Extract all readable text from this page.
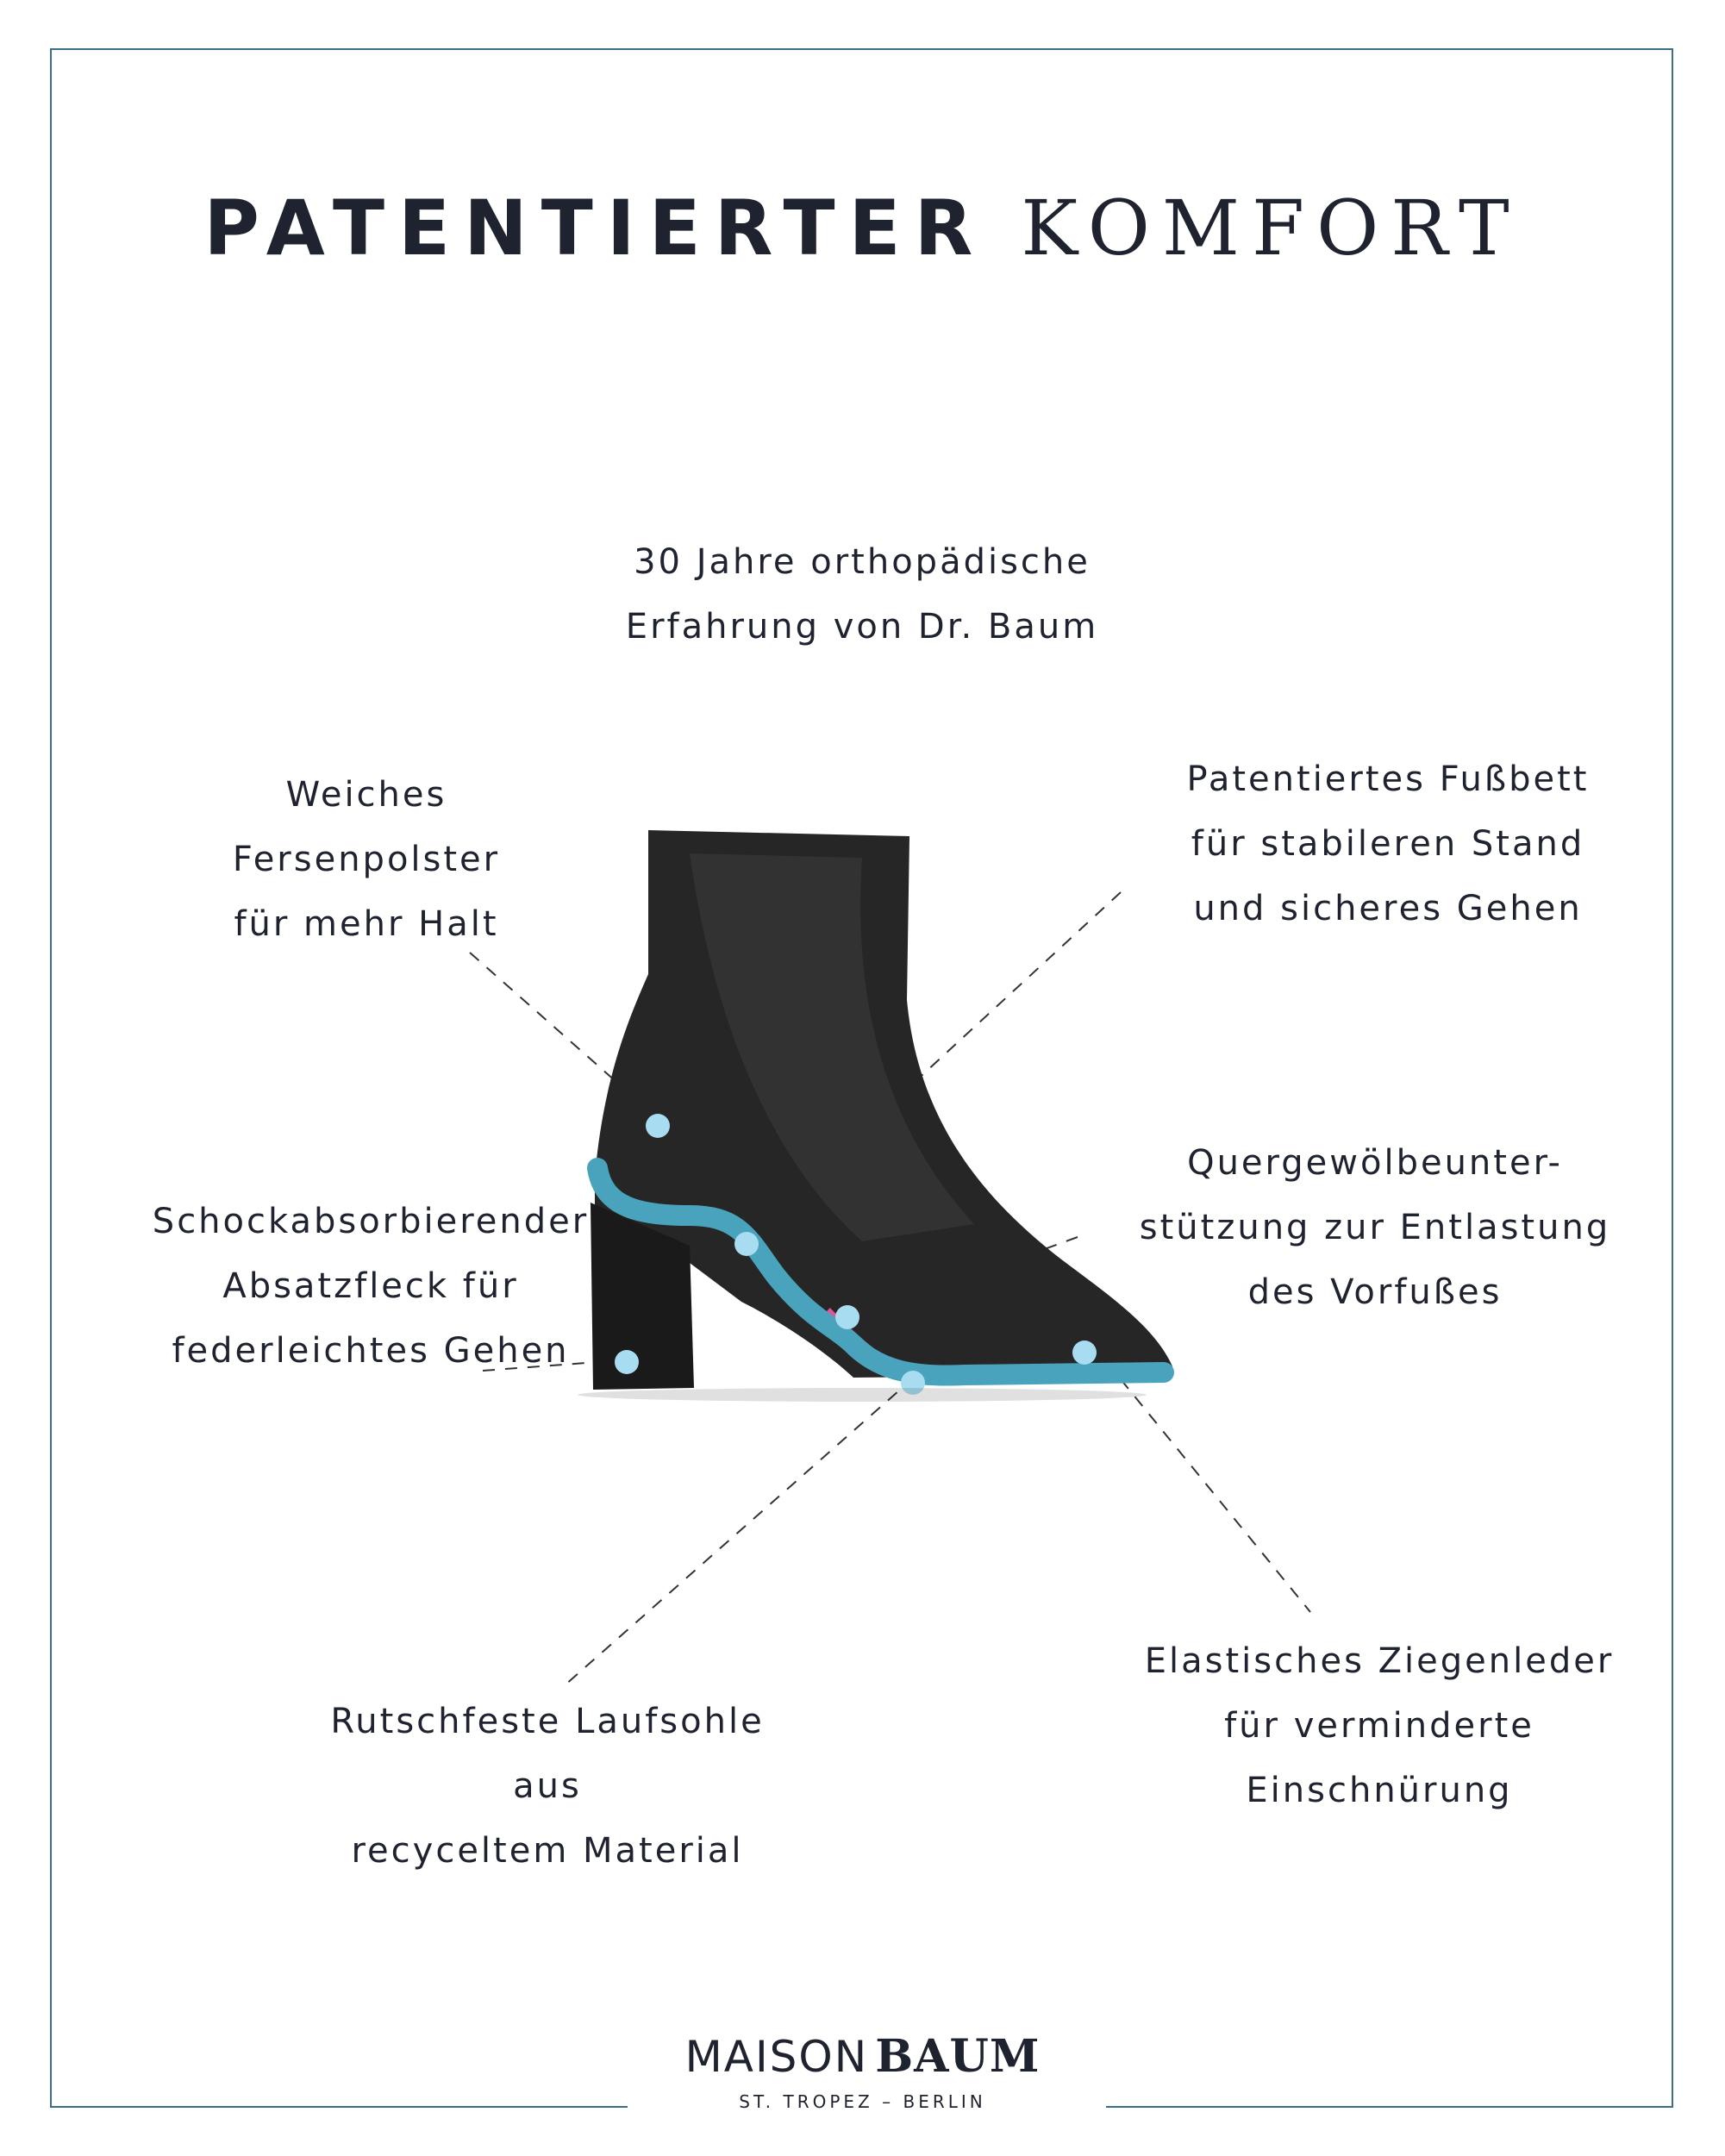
PATENTIERTER KOMFORT
30 Jahre orthopädische
Erfahrung von Dr. Baum
Weiches
Fersenpolster
für mehr Halt
Patentiertes Fußbett
für stabileren Stand
und sicheres Gehen
Quergewölbeunter-
stützung zur Entlastung
des Vorfußes
Schockabsorbierender
Absatzfleck für
federleichtes Gehen
Rutschfeste Laufsohle
aus
recyceltem Material
Elastisches Ziegenleder
für verminderte
Einschnürung
MAISON BAUM
ST. TROPEZ – BERLIN
